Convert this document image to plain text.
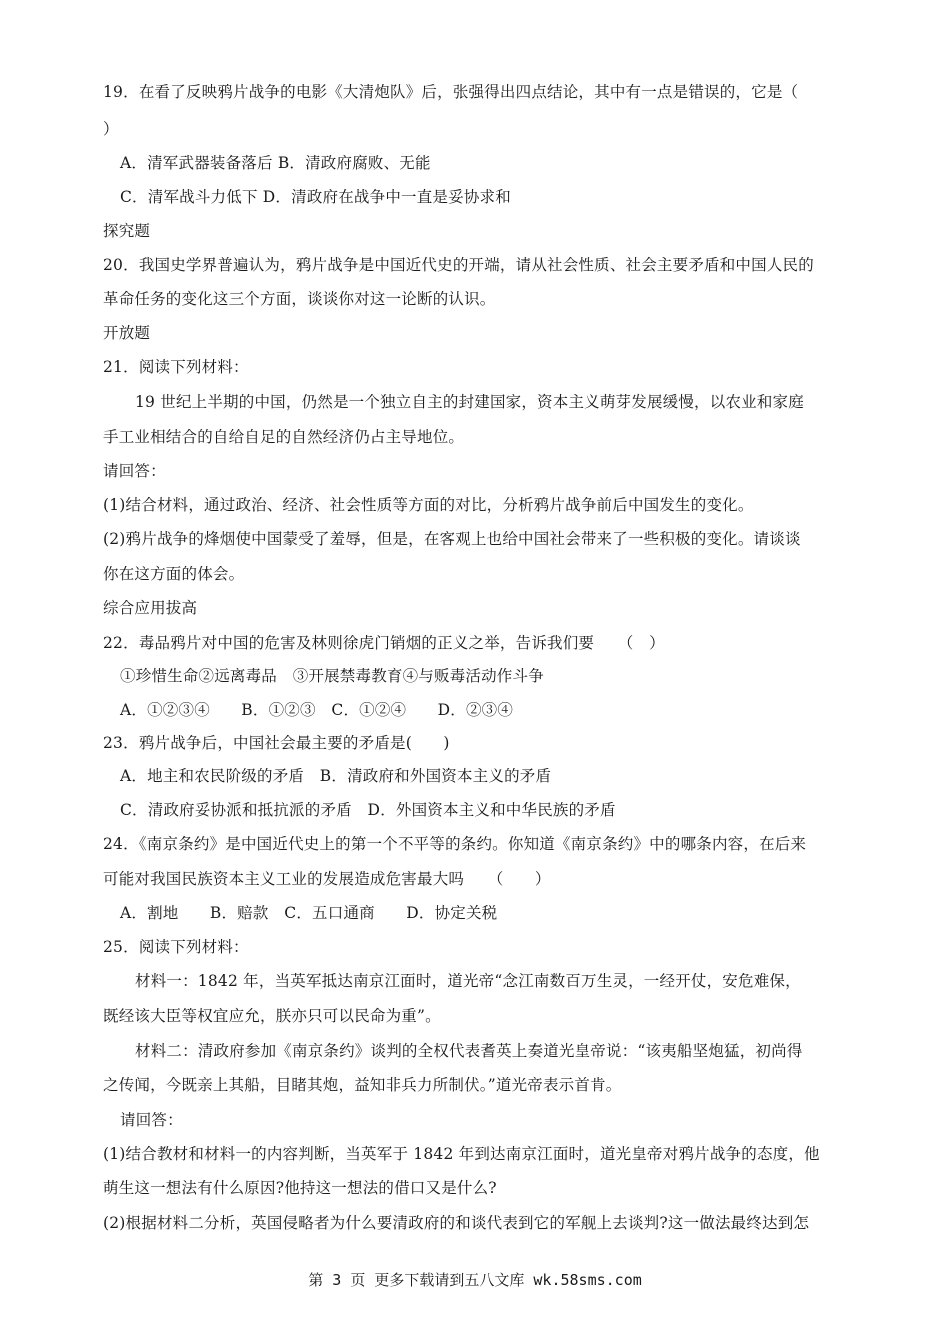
19．在看了反映鸦片战争的电影《大清炮队》后，张强得出四点结论，其中有一点是错误的，它是（
）
A．清军武器装备落后 B．清政府腐败、无能
C．清军战斗力低下 D．清政府在战争中一直是妥协求和
探究题
20．我国史学界普遍认为，鸦片战争是中国近代史的开端，请从社会性质、社会主要矛盾和中国人民的
革命任务的变化这三个方面，谈谈你对这一论断的认识。
开放题
21．阅读下列材料：
19 世纪上半期的中国，仍然是一个独立自主的封建国家，资本主义萌芽发展缓慢，以农业和家庭
手工业相结合的自给自足的自然经济仍占主导地位。
请回答：
(1)结合材料，通过政治、经济、社会性质等方面的对比，分析鸦片战争前后中国发生的变化。
(2)鸦片战争的烽烟使中国蒙受了羞辱，但是，在客观上也给中国社会带来了一些积极的变化。请谈谈
你在这方面的体会。
综合应用拔高
22．毒品鸦片对中国的危害及林则徐虎门销烟的正义之举，告诉我们要　　（　）
①珍惜生命②远离毒品　③开展禁毒教育④与贩毒活动作斗争
A．①②③④　　B．①②③　C．①②④　　D．②③④
23．鸦片战争后，中国社会最主要的矛盾是(　　)
A．地主和农民阶级的矛盾　B．清政府和外国资本主义的矛盾
C．清政府妥协派和抵抗派的矛盾　D．外国资本主义和中华民族的矛盾
24．《南京条约》是中国近代史上的第一个不平等的条约。你知道《南京条约》中的哪条内容，在后来
可能对我国民族资本主义工业的发展造成危害最大吗　　（　　）
A．割地　　B．赔款　C．五口通商　　D．协定关税
25．阅读下列材料：
材料一：1842 年，当英军抵达南京江面时，道光帝“念江南数百万生灵，一经开仗，安危难保，
既经该大臣等权宜应允，朕亦只可以民命为重”。
材料二：清政府参加《南京条约》谈判的全权代表耆英上奏道光皇帝说：“该夷船坚炮猛，初尚得
之传闻，今既亲上其船，目睹其炮，益知非兵力所制伏。”道光帝表示首肯。
请回答：
(1)结合教材和材料一的内容判断，当英军于 1842 年到达南京江面时，道光皇帝对鸦片战争的态度，他
萌生这一想法有什么原因?他持这一想法的借口又是什么?
(2)根据材料二分析，英国侵略者为什么要清政府的和谈代表到它的军舰上去谈判?这一做法最终达到怎
第 3 页 更多下载请到五八文库 wk.58sms.com
